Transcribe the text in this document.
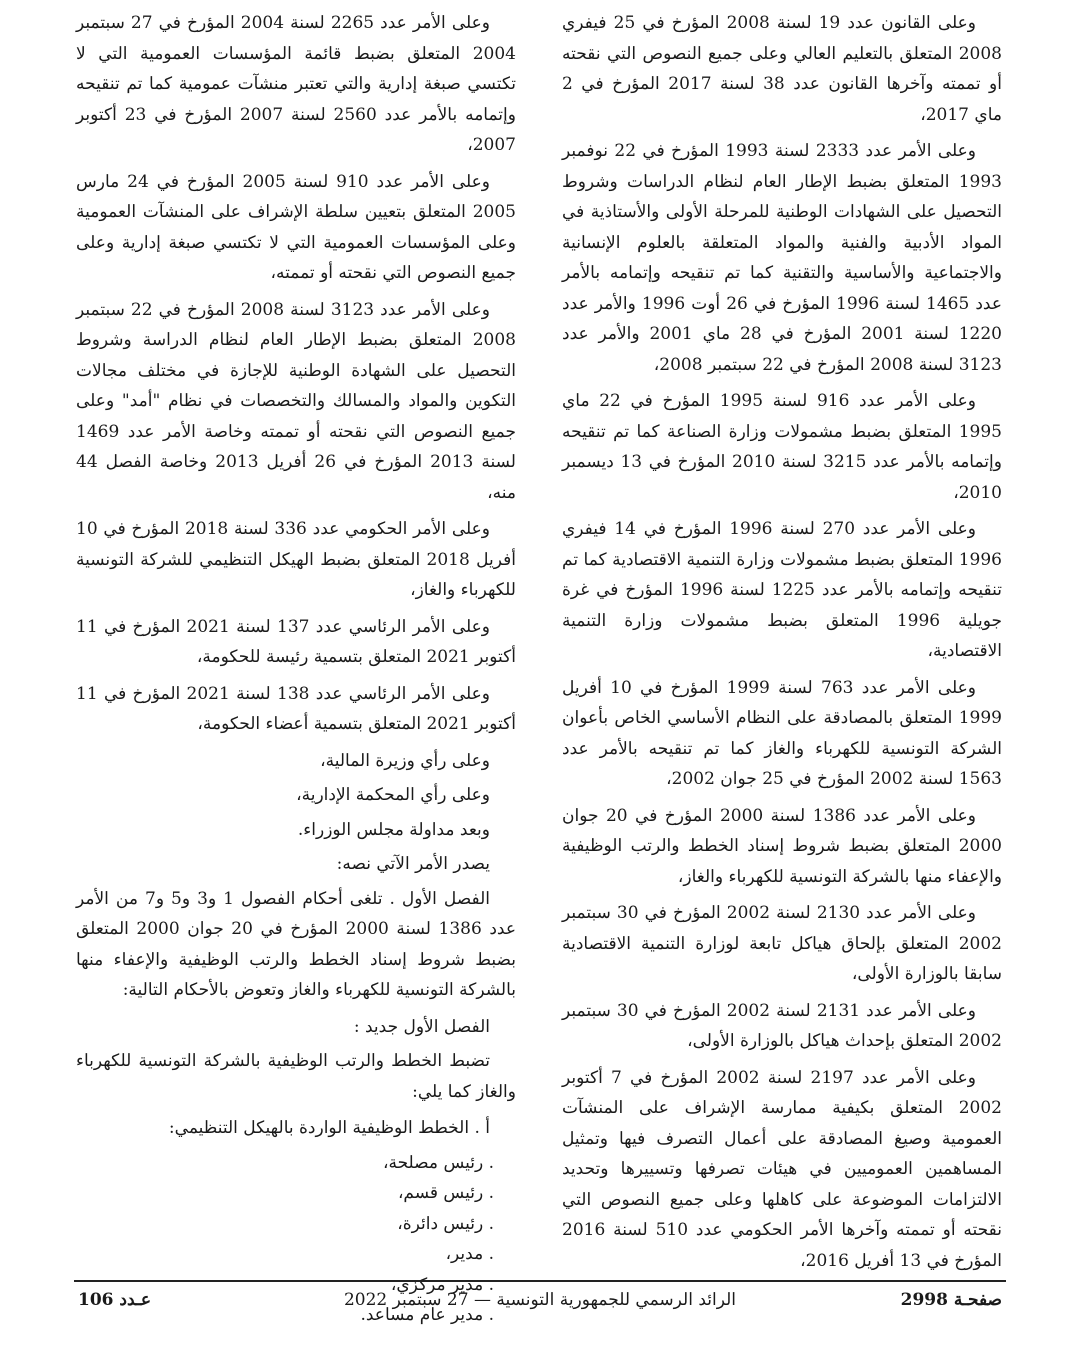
وعلى القانون عدد 19 لسنة 2008 المؤرخ في 25 فيفري 2008 المتعلق بالتعليم العالي وعلى جميع النصوص التي نقحته أو تممته وآخرها القانون عدد 38 لسنة 2017 المؤرخ في 2 ماي 2017،

وعلى الأمر عدد 2333 لسنة 1993 المؤرخ في 22 نوفمبر 1993 المتعلق بضبط الإطار العام لنظام الدراسات وشروط التحصيل على الشهادات الوطنية للمرحلة الأولى والأستاذية في المواد الأدبية والفنية والمواد المتعلقة بالعلوم الإنسانية والاجتماعية والأساسية والتقنية كما تم تنقيحه وإتمامه بالأمر عدد 1465 لسنة 1996 المؤرخ في 26 أوت 1996 والأمر عدد 1220 لسنة 2001 المؤرخ في 28 ماي 2001 والأمر عدد 3123 لسنة 2008 المؤرخ في 22 سبتمبر 2008،

وعلى الأمر عدد 916 لسنة 1995 المؤرخ في 22 ماي 1995 المتعلق بضبط مشمولات وزارة الصناعة كما تم تنقيحه وإتمامه بالأمر عدد 3215 لسنة 2010 المؤرخ في 13 ديسمبر 2010،

وعلى الأمر عدد 270 لسنة 1996 المؤرخ في 14 فيفري 1996 المتعلق بضبط مشمولات وزارة التنمية الاقتصادية كما تم تنقيحه وإتمامه بالأمر عدد 1225 لسنة 1996 المؤرخ في غرة جويلية 1996 المتعلق بضبط مشمولات وزارة التنمية الاقتصادية،

وعلى الأمر عدد 763 لسنة 1999 المؤرخ في 10 أفريل 1999 المتعلق بالمصادقة على النظام الأساسي الخاص بأعوان الشركة التونسية للكهرباء والغاز كما تم تنقيحه بالأمر عدد 1563 لسنة 2002 المؤرخ في 25 جوان 2002،

وعلى الأمر عدد 1386 لسنة 2000 المؤرخ في 20 جوان 2000 المتعلق بضبط شروط إسناد الخطط والرتب الوظيفية والإعفاء منها بالشركة التونسية للكهرباء والغاز،

وعلى الأمر عدد 2130 لسنة 2002 المؤرخ في 30 سبتمبر 2002 المتعلق بإلحاق هياكل تابعة لوزارة التنمية الاقتصادية سابقا بالوزارة الأولى،

وعلى الأمر عدد 2131 لسنة 2002 المؤرخ في 30 سبتمبر 2002 المتعلق بإحداث هياكل بالوزارة الأولى،

وعلى الأمر عدد 2197 لسنة 2002 المؤرخ في 7 أكتوبر 2002 المتعلق بكيفية ممارسة الإشراف على المنشآت العمومية وصيغ المصادقة على أعمال التصرف فيها وتمثيل المساهمين العموميين في هيئات تصرفها وتسييرها وتحديد الالتزامات الموضوعة على كاهلها وعلى جميع النصوص التي نقحته أو تممته وآخرها الأمر الحكومي عدد 510 لسنة 2016 المؤرخ في 13 أفريل 2016،

وعلى الأمر عدد 2265 لسنة 2004 المؤرخ في 27 سبتمبر 2004 المتعلق بضبط قائمة المؤسسات العمومية التي لا تكتسي صبغة إدارية والتي تعتبر منشآت عمومية كما تم تنقيحه وإتمامه بالأمر عدد 2560 لسنة 2007 المؤرخ في 23 أكتوبر 2007،

وعلى الأمر عدد 910 لسنة 2005 المؤرخ في 24 مارس 2005 المتعلق بتعيين سلطة الإشراف على المنشآت العمومية وعلى المؤسسات العمومية التي لا تكتسي صبغة إدارية وعلى جميع النصوص التي نقحته أو تممته،

وعلى الأمر عدد 3123 لسنة 2008 المؤرخ في 22 سبتمبر 2008 المتعلق بضبط الإطار العام لنظام الدراسة وشروط التحصيل على الشهادة الوطنية للإجازة في مختلف مجالات التكوين والمواد والمسالك والتخصصات في نظام "أمد" وعلى جميع النصوص التي نقحته أو تممته وخاصة الأمر عدد 1469 لسنة 2013 المؤرخ في 26 أفريل 2013 وخاصة الفصل 44 منه،

وعلى الأمر الحكومي عدد 336 لسنة 2018 المؤرخ في 10 أفريل 2018 المتعلق بضبط الهيكل التنظيمي للشركة التونسية للكهرباء والغاز،

وعلى الأمر الرئاسي عدد 137 لسنة 2021 المؤرخ في 11 أكتوبر 2021 المتعلق بتسمية رئيسة للحكومة،

وعلى الأمر الرئاسي عدد 138 لسنة 2021 المؤرخ في 11 أكتوبر 2021 المتعلق بتسمية أعضاء الحكومة،

وعلى رأي وزيرة المالية،

وعلى رأي المحكمة الإدارية،

وبعد مداولة مجلس الوزراء.

يصدر الأمر الآتي نصه:

الفصل الأول . تلغى أحكام الفصول 1 و3 و5 و7 من الأمر عدد 1386 لسنة 2000 المؤرخ في 20 جوان 2000 المتعلق بضبط شروط إسناد الخطط والرتب الوظيفية والإعفاء منها بالشركة التونسية للكهرباء والغاز وتعوض بالأحكام التالية:

الفصل الأول جديد :

تضبط الخطط والرتب الوظيفية بالشركة التونسية للكهرباء والغاز كما يلي:

أ . الخطط الوظيفية الواردة بالهيكل التنظيمي:

. رئيس مصلحة،

. رئيس قسم،

. رئيس دائرة،

. مدير،

. مدير مركزي،

. مدير عام مساعد.

صفحـة 2998
الرائد الرسمي للجمهورية التونسية — 27 سبتمبر 2022
عـدد 106
